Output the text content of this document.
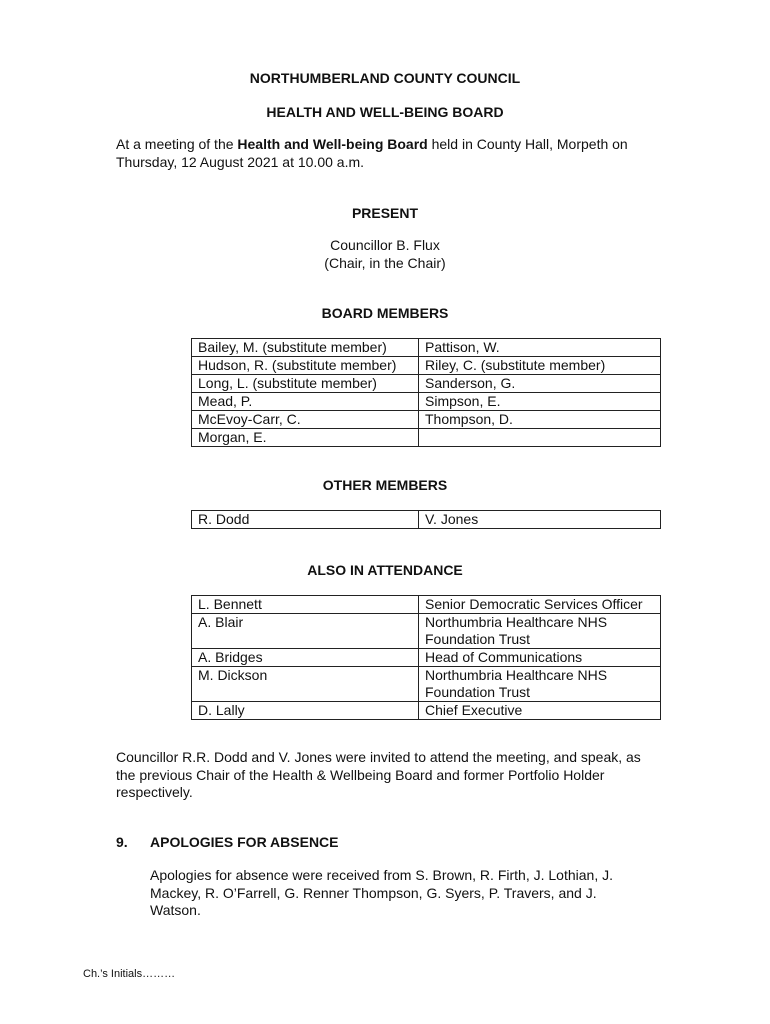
NORTHUMBERLAND COUNTY COUNCIL
HEALTH AND WELL-BEING BOARD
At a meeting of the Health and Well-being Board held in County Hall, Morpeth on Thursday, 12 August 2021 at 10.00 a.m.
PRESENT
Councillor B. Flux
(Chair, in the Chair)
BOARD MEMBERS
Bailey, M. (substitute member)	Pattison, W.
Hudson, R. (substitute member)	Riley, C. (substitute member)
Long, L. (substitute member)	Sanderson, G.
Mead, P.	Simpson, E.
McEvoy-Carr, C.	Thompson, D.
Morgan, E.	
OTHER MEMBERS
R. Dodd	V. Jones
ALSO IN ATTENDANCE
L. Bennett	Senior Democratic Services Officer
A. Blair	Northumbria Healthcare NHS Foundation Trust
A. Bridges	Head of Communications
M. Dickson	Northumbria Healthcare NHS Foundation Trust
D. Lally	Chief Executive
Councillor R.R. Dodd and V. Jones were invited to attend the meeting, and speak, as the previous Chair of the Health & Wellbeing Board and former Portfolio Holder respectively.
9. APOLOGIES FOR ABSENCE
Apologies for absence were received from S. Brown, R. Firth, J. Lothian, J. Mackey, R. O’Farrell, G. Renner Thompson, G. Syers, P. Travers, and J. Watson.
Ch.’s Initials………
